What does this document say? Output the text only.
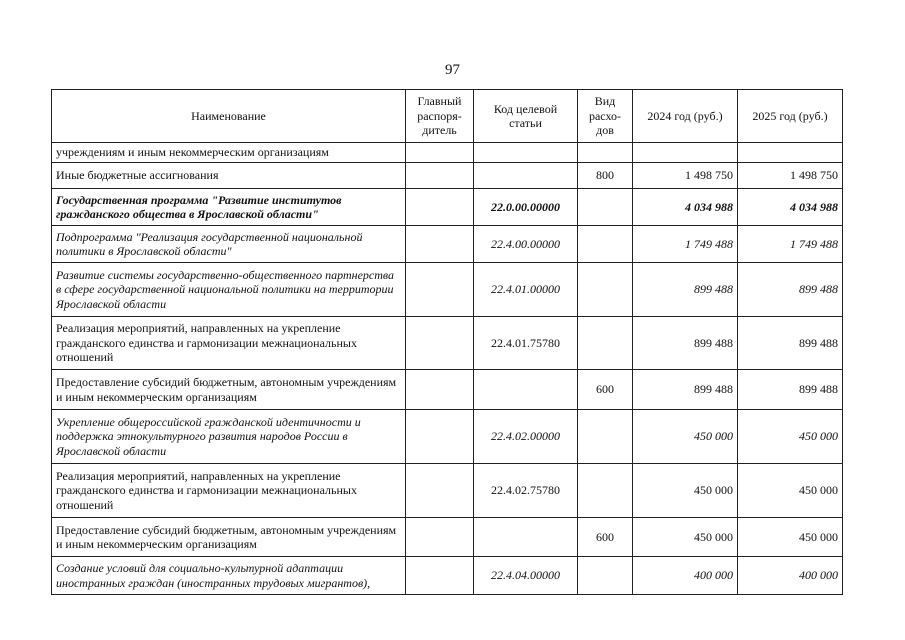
97
Наименование	Главный распоря-дитель	Код целевой статьи	Вид расхо-дов	2024 год (руб.)	2025 год (руб.)
учреждениям и иным некоммерческим организациям					
Иные бюджетные ассигнования			800	1 498 750	1 498 750
Государственная программа "Развитие институтов гражданского общества в Ярославской области"		22.0.00.00000		4 034 988	4 034 988
Подпрограмма "Реализация государственной национальной политики в Ярославской области"		22.4.00.00000		1 749 488	1 749 488
Развитие системы государственно-общественного партнерства в сфере государственной национальной политики на территории Ярославской области		22.4.01.00000		899 488	899 488
Реализация мероприятий, направленных на укрепление гражданского единства и гармонизации межнациональных отношений		22.4.01.75780		899 488	899 488
Предоставление субсидий бюджетным, автономным учреждениям и иным некоммерческим организациям			600	899 488	899 488
Укрепление общероссийской гражданской идентичности и поддержка этнокультурного развития народов России в Ярославской области		22.4.02.00000		450 000	450 000
Реализация мероприятий, направленных на укрепление гражданского единства и гармонизации межнациональных отношений		22.4.02.75780		450 000	450 000
Предоставление субсидий бюджетным, автономным учреждениям и иным некоммерческим организациям			600	450 000	450 000
Создание условий для социально-культурной адаптации иностранных граждан (иностранных трудовых мигрантов),		22.4.04.00000		400 000	400 000
